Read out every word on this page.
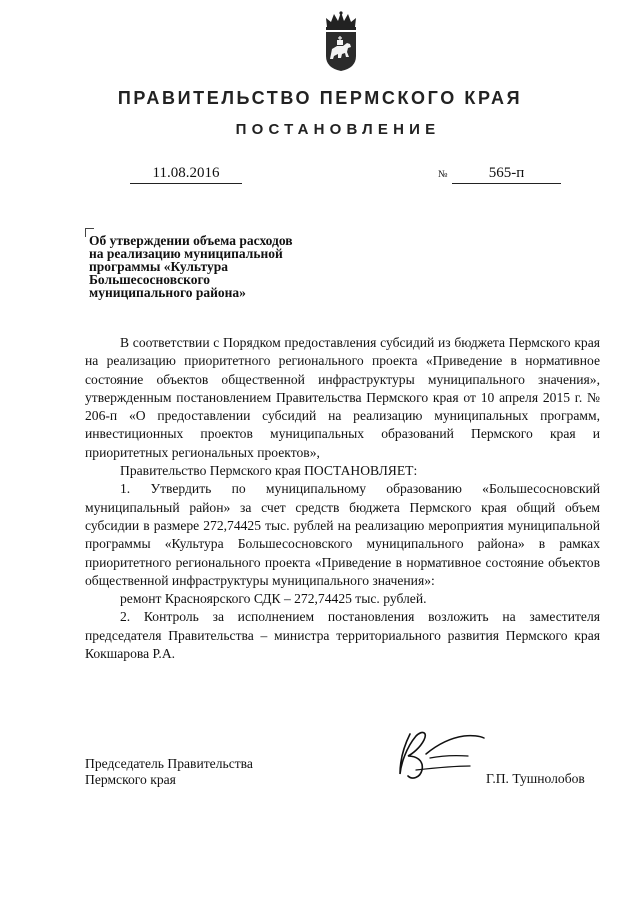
ПРАВИТЕЛЬСТВО ПЕРМСКОГО КРАЯ
ПОСТАНОВЛЕНИЕ
11.08.2016	№	565-п
Об утверждении объема расходов
на реализацию муниципальной
программы «Культура
Большесосновского
муниципального района»

В соответствии с Порядком предоставления субсидий из бюджета Пермского края на реализацию приоритетного регионального проекта «Приведение в нормативное состояние объектов общественной инфраструктуры муниципального значения», утвержденным постановлением Правительства Пермского края от 10 апреля 2015 г. № 206-п «О предоставлении субсидий на реализацию муниципальных программ, инвестиционных проектов муниципальных образований Пермского края и приоритетных региональных проектов»,

Правительство Пермского края ПОСТАНОВЛЯЕТ:

1. Утвердить по муниципальному образованию «Большесосновский муниципальный район» за счет средств бюджета Пермского края общий объем субсидии в размере 272,74425 тыс. рублей на реализацию мероприятия муниципальной программы «Культура Большесосновского муниципального района» в рамках приоритетного регионального проекта «Приведение в нормативное состояние объектов общественной инфраструктуры муниципального значения»:

ремонт Красноярского СДК – 272,74425 тыс. рублей.

2. Контроль за исполнением постановления возложить на заместителя председателя Правительства – министра территориального развития Пермского края Кокшарова Р.А.

Председатель Правительства
Пермского края	Г.П. Тушнолобов
